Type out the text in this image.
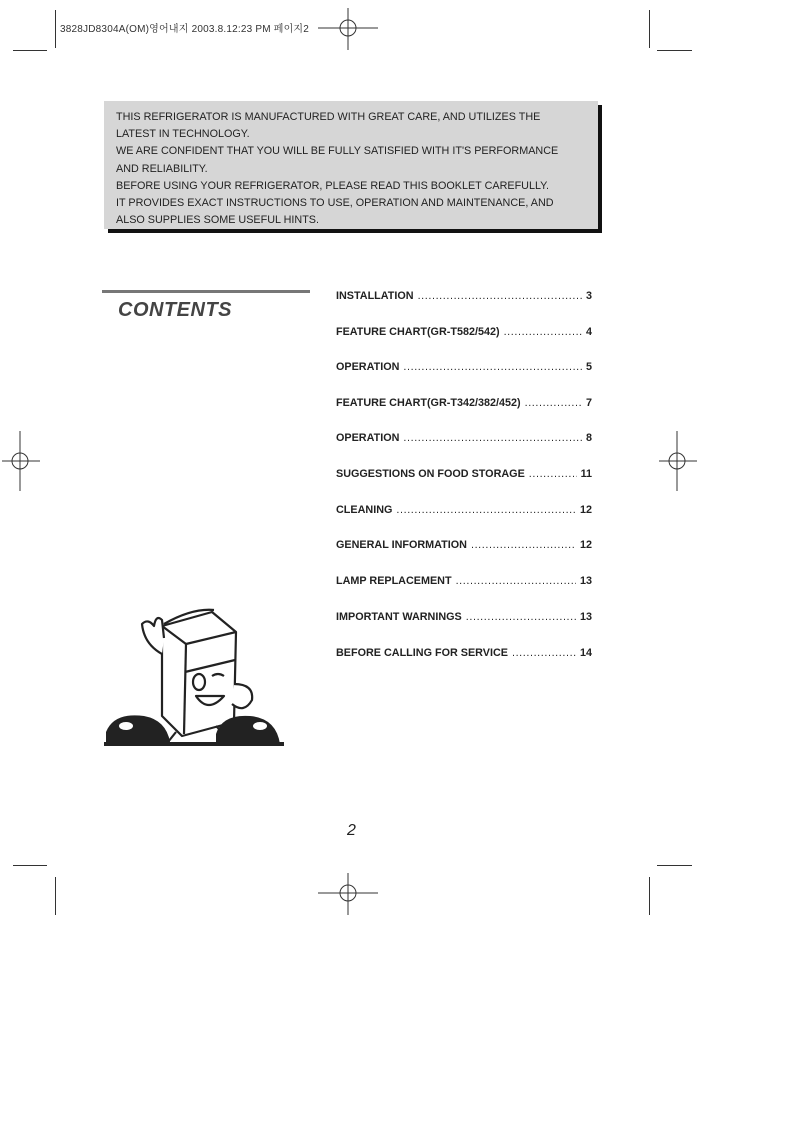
3828JD8304A(OM)영어내지 2003.8.12:23 PM 페이지2
THIS REFRIGERATOR IS MANUFACTURED WITH GREAT CARE, AND UTILIZES THE
LATEST IN TECHNOLOGY.
WE ARE CONFIDENT THAT YOU WILL BE FULLY SATISFIED WITH IT'S PERFORMANCE
AND RELIABILITY.
BEFORE USING YOUR REFRIGERATOR, PLEASE READ THIS BOOKLET CAREFULLY.
IT PROVIDES EXACT INSTRUCTIONS TO USE, OPERATION AND MAINTENANCE, AND
ALSO SUPPLIES SOME USEFUL HINTS.
CONTENTS
INSTALLATION .....	3
FEATURE CHART(GR-T582/542) .....	4
OPERATION .....	5
FEATURE CHART(GR-T342/382/452) .....	7
OPERATION .....	8
SUGGESTIONS ON FOOD STORAGE .....	11
CLEANING .....	12
GENERAL INFORMATION .....	12
LAMP REPLACEMENT .....	13
IMPORTANT WARNINGS .....	13
BEFORE CALLING FOR SERVICE .....	14
2
